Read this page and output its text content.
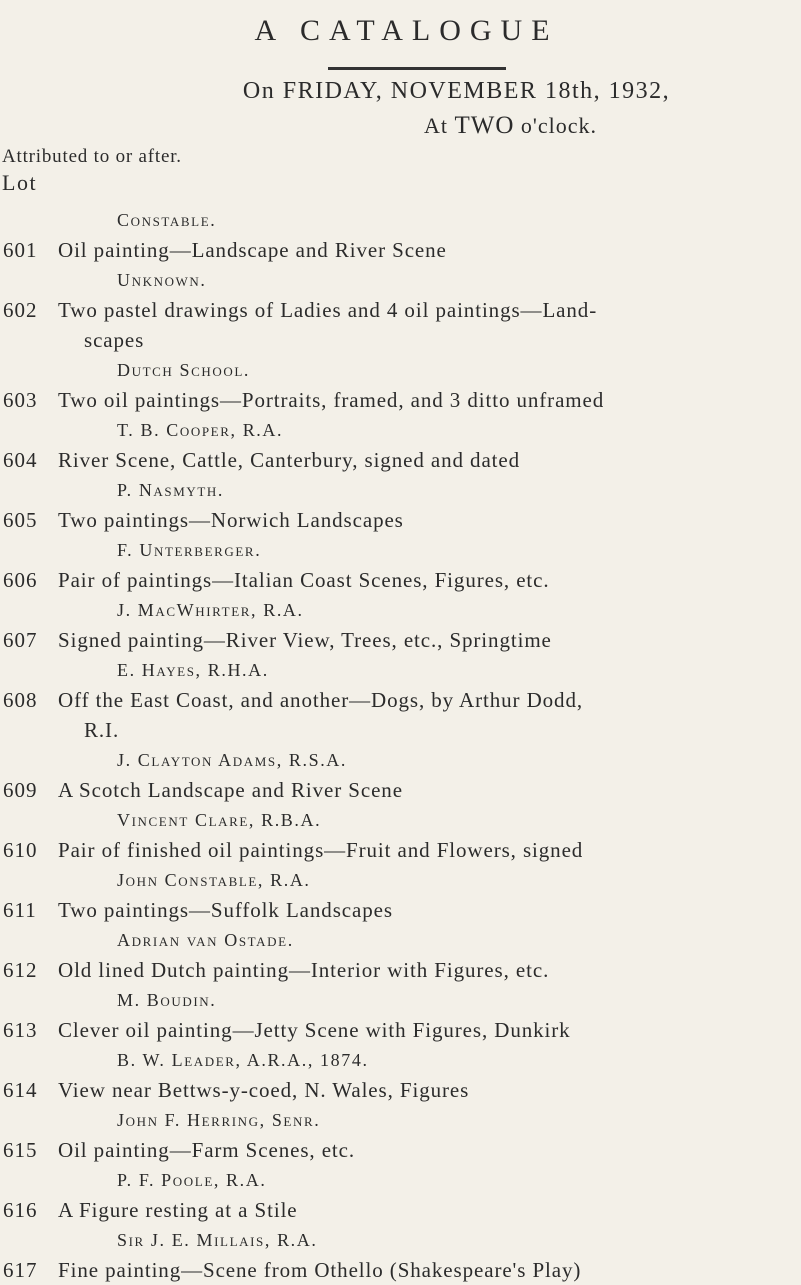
A CATALOGUE
On FRIDAY, NOVEMBER 18th, 1932,
At TWO o'clock.
Attributed to or after.
Lot
Constable.
601 Oil painting—Landscape and River Scene
Unknown.
602 Two pastel drawings of Ladies and 4 oil paintings—Land-
scapes
Dutch School.
603 Two oil paintings—Portraits, framed, and 3 ditto unframed
T. B. Cooper, R.A.
604 River Scene, Cattle, Canterbury, signed and dated
P. Nasmyth.
605 Two paintings—Norwich Landscapes
F. Unterberger.
606 Pair of paintings—Italian Coast Scenes, Figures, etc.
J. MacWhirter, R.A.
607 Signed painting—River View, Trees, etc., Springtime
E. Hayes, R.H.A.
608 Off the East Coast, and another—Dogs, by Arthur Dodd,
R.I.
J. Clayton Adams, R.S.A.
609 A Scotch Landscape and River Scene
Vincent Clare, R.B.A.
610 Pair of finished oil paintings—Fruit and Flowers, signed
John Constable, R.A.
611 Two paintings—Suffolk Landscapes
Adrian van Ostade.
612 Old lined Dutch painting—Interior with Figures, etc.
M. Boudin.
613 Clever oil painting—Jetty Scene with Figures, Dunkirk
B. W. Leader, A.R.A., 1874.
614 View near Bettws-y-coed, N. Wales, Figures
John F. Herring, Senr.
615 Oil painting—Farm Scenes, etc.
P. F. Poole, R.A.
616 A Figure resting at a Stile
Sir J. E. Millais, R.A.
617 Fine painting—Scene from Othello (Shakespeare's Play)
